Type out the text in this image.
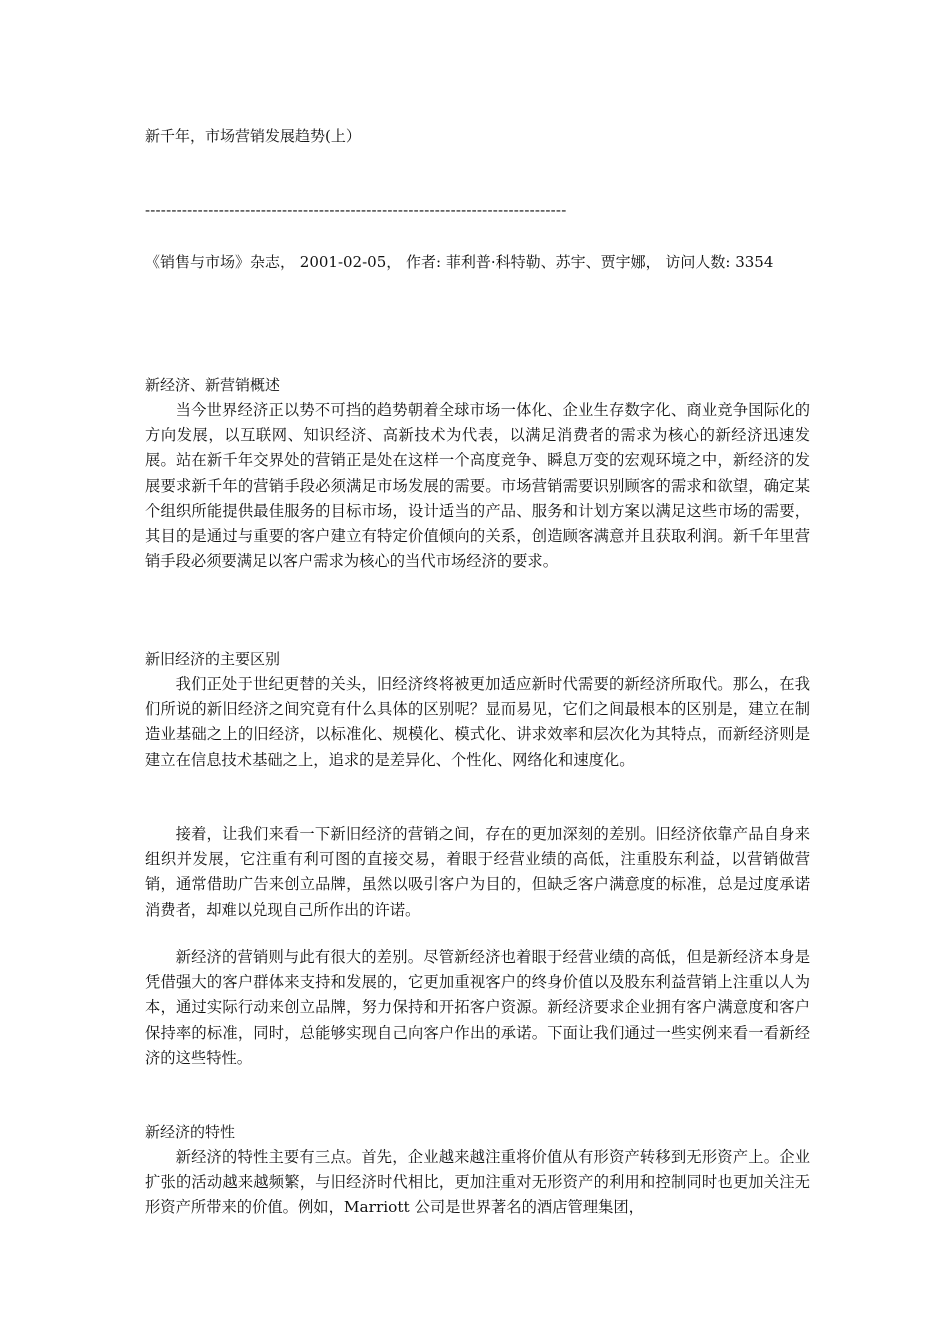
新千年，市场营销发展趋势(上）
--------------------------------------------------------------------------------
《销售与市场》杂志， 2001-02-05， 作者: 菲利普·科特勒、苏宇、贾宇娜， 访问人数: 3354
新经济、新营销概述

当今世界经济正以势不可挡的趋势朝着全球市场一体化、企业生存数字化、商业竞争国际化的方向发展，以互联网、知识经济、高新技术为代表，以满足消费者的需求为核心的新经济迅速发展。站在新千年交界处的营销正是处在这样一个高度竞争、瞬息万变的宏观环境之中，新经济的发展要求新千年的营销手段必须满足市场发展的需要。市场营销需要识别顾客的需求和欲望，确定某个组织所能提供最佳服务的目标市场，设计适当的产品、服务和计划方案以满足这些市场的需要，其目的是通过与重要的客户建立有特定价值倾向的关系，创造顾客满意并且获取利润。新千年里营销手段必须要满足以客户需求为核心的当代市场经济的要求。

新旧经济的主要区别

我们正处于世纪更替的关头，旧经济终将被更加适应新时代需要的新经济所取代。那么，在我们所说的新旧经济之间究竟有什么具体的区别呢？显而易见，它们之间最根本的区别是，建立在制造业基础之上的旧经济，以标准化、规模化、模式化、讲求效率和层次化为其特点，而新经济则是建立在信息技术基础之上，追求的是差异化、个性化、网络化和速度化。

接着，让我们来看一下新旧经济的营销之间，存在的更加深刻的差别。旧经济依靠产品自身来组织并发展，它注重有利可图的直接交易，着眼于经营业绩的高低，注重股东利益，以营销做营销，通常借助广告来创立品牌，虽然以吸引客户为目的，但缺乏客户满意度的标准，总是过度承诺消费者，却难以兑现自己所作出的许诺。

新经济的营销则与此有很大的差别。尽管新经济也着眼于经营业绩的高低，但是新经济本身是凭借强大的客户群体来支持和发展的，它更加重视客户的终身价值以及股东利益营销上注重以人为本，通过实际行动来创立品牌，努力保持和开拓客户资源。新经济要求企业拥有客户满意度和客户保持率的标准，同时，总能够实现自己向客户作出的承诺。下面让我们通过一些实例来看一看新经济的这些特性。

新经济的特性

新经济的特性主要有三点。首先，企业越来越注重将价值从有形资产转移到无形资产上。企业扩张的活动越来越频繁，与旧经济时代相比，更加注重对无形资产的利用和控制同时也更加关注无形资产所带来的价值。例如，Marriott 公司是世界著名的酒店管理集团，
